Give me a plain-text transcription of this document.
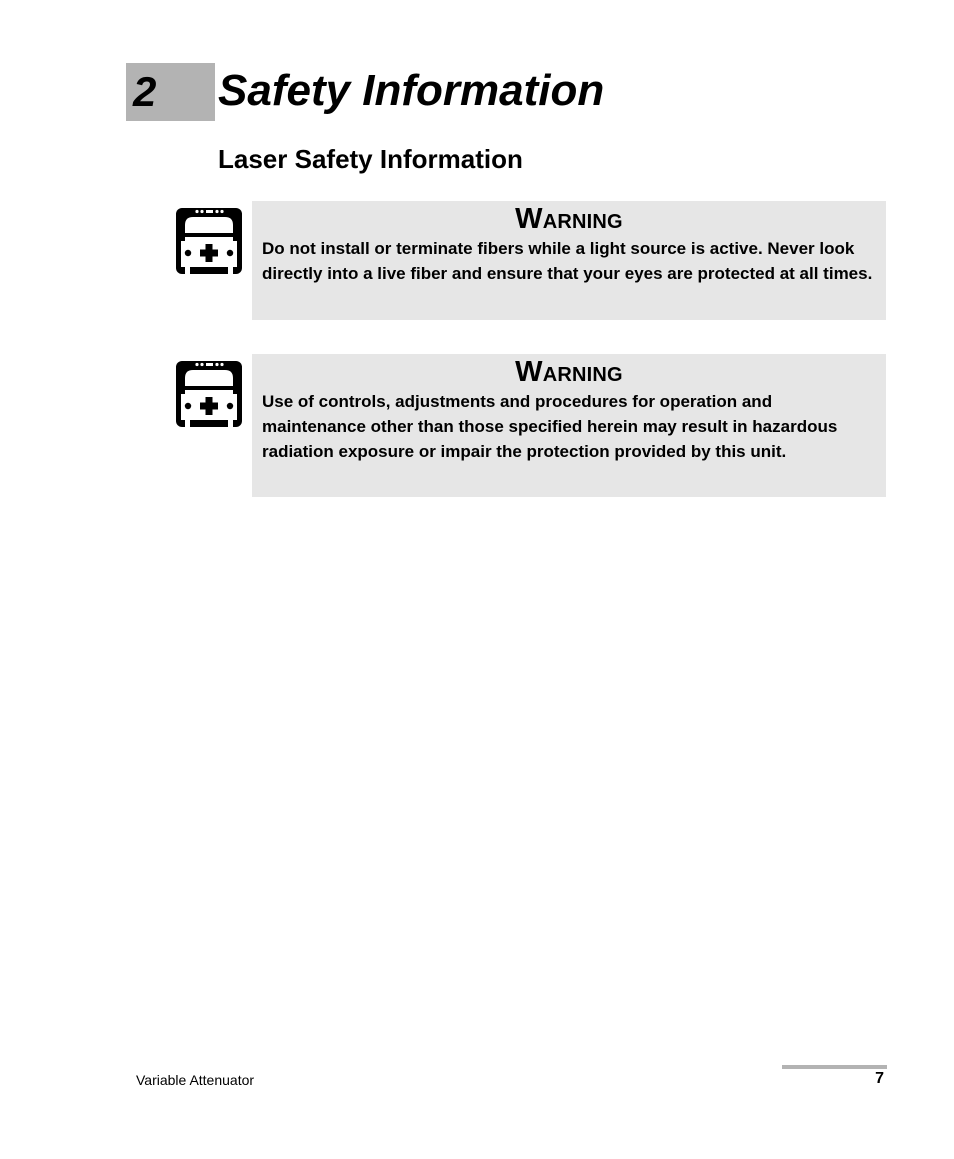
2 Safety Information
Laser Safety Information

Warning

Do not install or terminate fibers while a light source is active. Never look directly into a live fiber and ensure that your eyes are protected at all times.

Warning

Use of controls, adjustments and procedures for operation and maintenance other than those specified herein may result in hazardous radiation exposure or impair the protection provided by this unit.

Variable Attenuator	7
